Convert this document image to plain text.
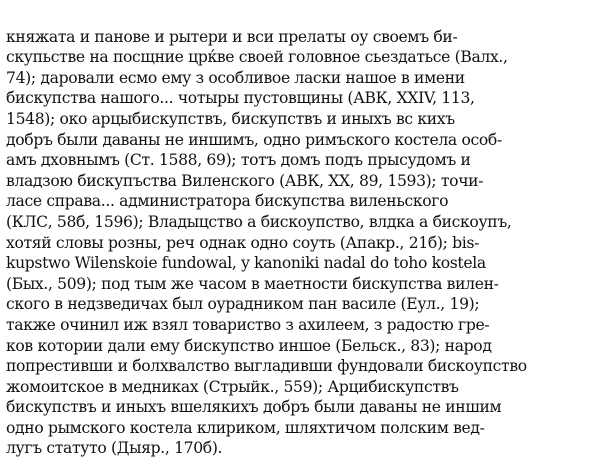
княжата и панове и рытери и вси прелаты оу своемъ би-
скупьстве на посщние црќве своей головное сьездатьсе (Валх.,
74); даровали есмо ему з особливое ласки нашое в имени
бискупства нашого... чотыры пустовщины (АВК, XXIV, 113,
1548); око арцыбискупствъ, бискупствъ и иныхъ вс кихъ
добръ были даваны не иншимъ, одно римъского костела особ-
амъ дховнымъ (Ст. 1588, 69); тотъ домъ подъ прысудомъ и
владзою бискупъства Виленского (АВК, XX, 89, 1593); точи-
ласе справа... администратора бискупства виленьского
(КЛС, 58б, 1596); Владыцство а бискоупство, влдка а бискоупъ,
хотяй словы розны, реч однак одно соуть (Апакр., 21б); bis-
kupstwo Wilenskoie fundowal, y kanoniki nadal do toho kostela
(Бых., 509); под тым же часом в маетности бискупства вилен-
ского в недзведичах был оурадником пан василе (Еул., 19);
также очинил иж взял товариство з ахилеем, з радостю гре-
ков котории дали ему бискупство иншое (Бельск., 83); народ
попрестивши и болхвалство выгладивши фундовали бискоупство
жомоитское в медниках (Стрыйк., 559); Арцибискупствъ
бискупствъ и иныхъ вшелякихъ добръ были даваны не иншим
одно рымского костела клириком, шляхтичом полским вед-
лугъ статуто (Дыяр., 170б).
